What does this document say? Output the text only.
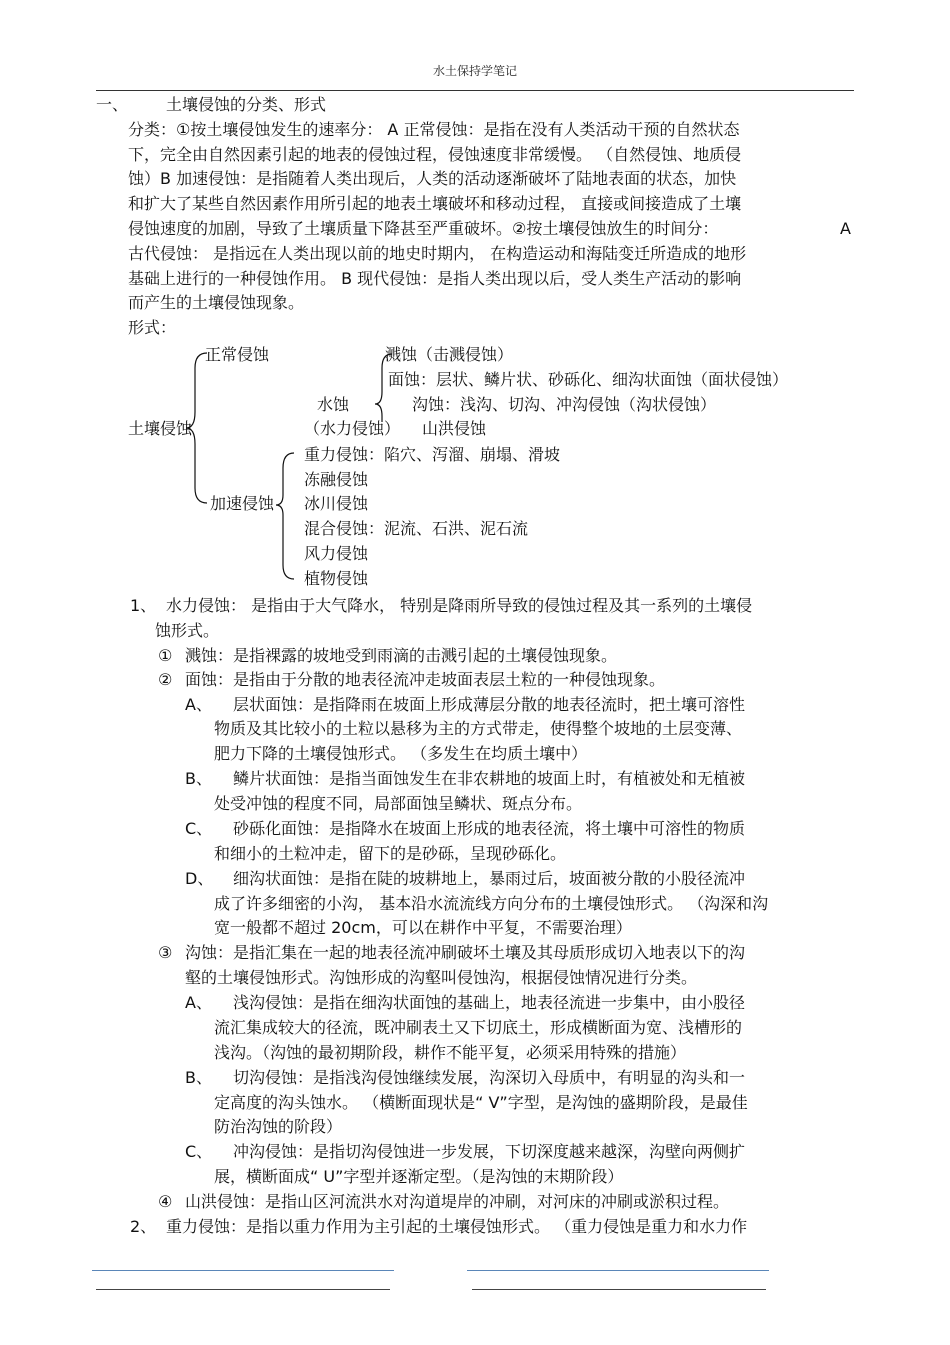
水土保持学笔记
一、 土壤侵蚀的分类、形式
分类：①按土壤侵蚀发生的速率分： A 正常侵蚀：是指在没有人类活动干预的自然状态
下，完全由自然因素引起的地表的侵蚀过程，侵蚀速度非常缓慢。 （自然侵蚀、地质侵
蚀）B 加速侵蚀：是指随着人类出现后，人类的活动逐渐破坏了陆地表面的状态，加快
和扩大了某些自然因素作用所引起的地表土壤破坏和移动过程， 直接或间接造成了土壤
侵蚀速度的加剧，导致了土壤质量下降甚至严重破坏。②按土壤侵蚀放生的时间分：	A
古代侵蚀： 是指远在人类出现以前的地史时期内， 在构造运动和海陆变迁所造成的地形
基础上进行的一种侵蚀作用。 B 现代侵蚀：是指人类出现以后，受人类生产活动的影响
而产生的土壤侵蚀现象。
形式：
土壤侵蚀
正常侵蚀
加速侵蚀
水蚀
（水力侵蚀）
溅蚀（击溅侵蚀）
面蚀：层状、鳞片状、砂砾化、细沟状面蚀（面状侵蚀）
沟蚀：浅沟、切沟、冲沟侵蚀（沟状侵蚀）
山洪侵蚀
重力侵蚀：陷穴、泻溜、崩塌、滑坡
冻融侵蚀
冰川侵蚀
混合侵蚀：泥流、石洪、泥石流
风力侵蚀
植物侵蚀
1、 水力侵蚀： 是指由于大气降水， 特别是降雨所导致的侵蚀过程及其一系列的土壤侵
蚀形式。
① 溅蚀：是指裸露的坡地受到雨滴的击溅引起的土壤侵蚀现象。
② 面蚀：是指由于分散的地表径流冲走坡面表层土粒的一种侵蚀现象。
A、 层状面蚀：是指降雨在坡面上形成薄层分散的地表径流时，把土壤可溶性
物质及其比较小的土粒以悬移为主的方式带走，使得整个坡地的土层变薄、
肥力下降的土壤侵蚀形式。 （多发生在均质土壤中）
B、 鳞片状面蚀：是指当面蚀发生在非农耕地的坡面上时，有植被处和无植被
处受冲蚀的程度不同，局部面蚀呈鳞状、斑点分布。
C、 砂砾化面蚀：是指降水在坡面上形成的地表径流，将土壤中可溶性的物质
和细小的土粒冲走，留下的是砂砾，呈现砂砾化。
D、 细沟状面蚀：是指在陡的坡耕地上，暴雨过后，坡面被分散的小股径流冲
成了许多细密的小沟， 基本沿水流流线方向分布的土壤侵蚀形式。 （沟深和沟
宽一般都不超过 20cm，可以在耕作中平复，不需要治理）
③ 沟蚀：是指汇集在一起的地表径流冲刷破坏土壤及其母质形成切入地表以下的沟
壑的土壤侵蚀形式。沟蚀形成的沟壑叫侵蚀沟，根据侵蚀情况进行分类。
A、 浅沟侵蚀：是指在细沟状面蚀的基础上，地表径流进一步集中，由小股径
流汇集成较大的径流，既冲刷表土又下切底土，形成横断面为宽、浅槽形的
浅沟。（沟蚀的最初期阶段，耕作不能平复，必须采用特殊的措施）
B、 切沟侵蚀：是指浅沟侵蚀继续发展，沟深切入母质中，有明显的沟头和一
定高度的沟头蚀水。 （横断面现状是“ V”字型，是沟蚀的盛期阶段，是最佳
防治沟蚀的阶段）
C、 冲沟侵蚀：是指切沟侵蚀进一步发展，下切深度越来越深，沟壁向两侧扩
展，横断面成“ U”字型并逐渐定型。（是沟蚀的末期阶段）
④ 山洪侵蚀：是指山区河流洪水对沟道堤岸的冲刷，对河床的冲刷或淤积过程。
2、 重力侵蚀：是指以重力作用为主引起的土壤侵蚀形式。 （重力侵蚀是重力和水力作
